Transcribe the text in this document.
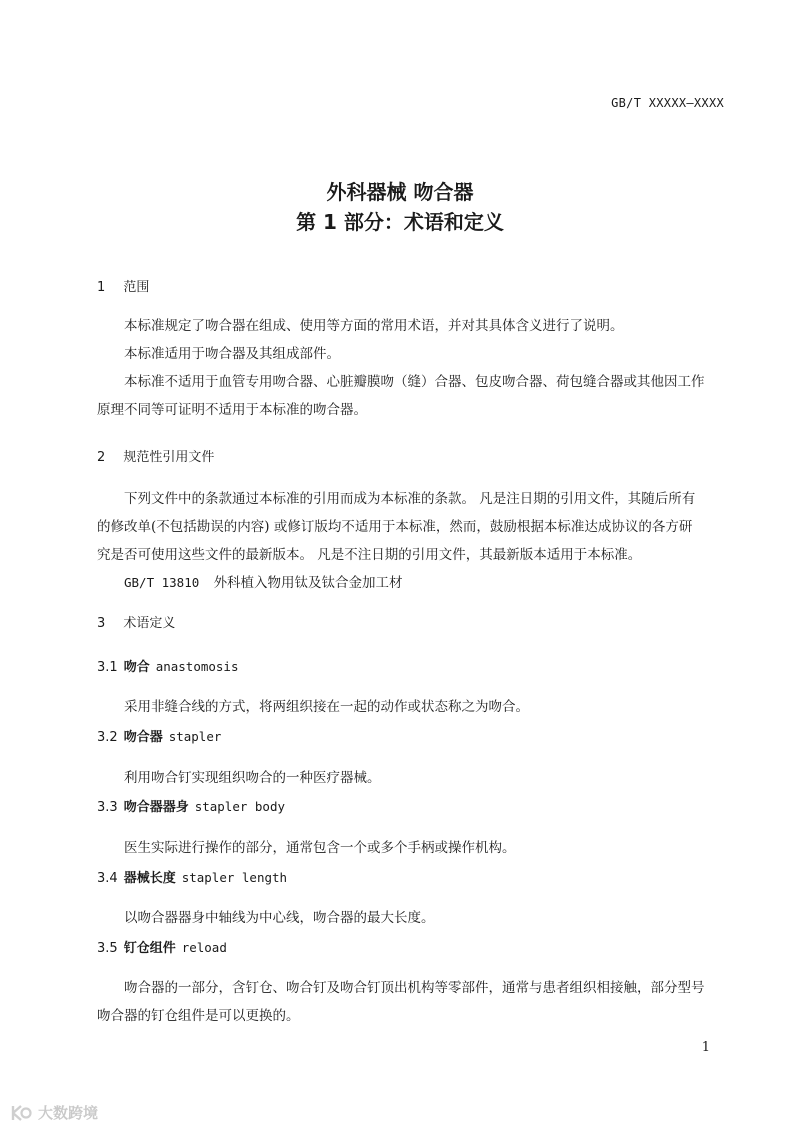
GB/T XXXXX—XXXX
外科器械 吻合器
第 1 部分：术语和定义
1 范围
本标准规定了吻合器在组成、使用等方面的常用术语，并对其具体含义进行了说明。
本标准适用于吻合器及其组成部件。
本标准不适用于血管专用吻合器、心脏瓣膜吻（缝）合器、包皮吻合器、荷包缝合器或其他因工作
原理不同等可证明不适用于本标准的吻合器。
2 规范性引用文件
下列文件中的条款通过本标准的引用而成为本标准的条款。 凡是注日期的引用文件，其随后所有
的修改单(不包括勘误的内容) 或修订版均不适用于本标准，然而，鼓励根据本标准达成协议的各方研
究是否可使用这些文件的最新版本。 凡是不注日期的引用文件，其最新版本适用于本标准。
GB/T 13810 外科植入物用钛及钛合金加工材
3 术语定义
3.1 吻合 anastomosis
采用非缝合线的方式，将两组织接在一起的动作或状态称之为吻合。
3.2 吻合器 stapler
利用吻合钉实现组织吻合的一种医疗器械。
3.3 吻合器器身 stapler body
医生实际进行操作的部分，通常包含一个或多个手柄或操作机构。
3.4 器械长度 stapler length
以吻合器器身中轴线为中心线，吻合器的最大长度。
3.5 钉仓组件 reload
吻合器的一部分，含钉仓、吻合钉及吻合钉顶出机构等零部件，通常与患者组织相接触，部分型号
吻合器的钉仓组件是可以更换的。
1
大数跨境
